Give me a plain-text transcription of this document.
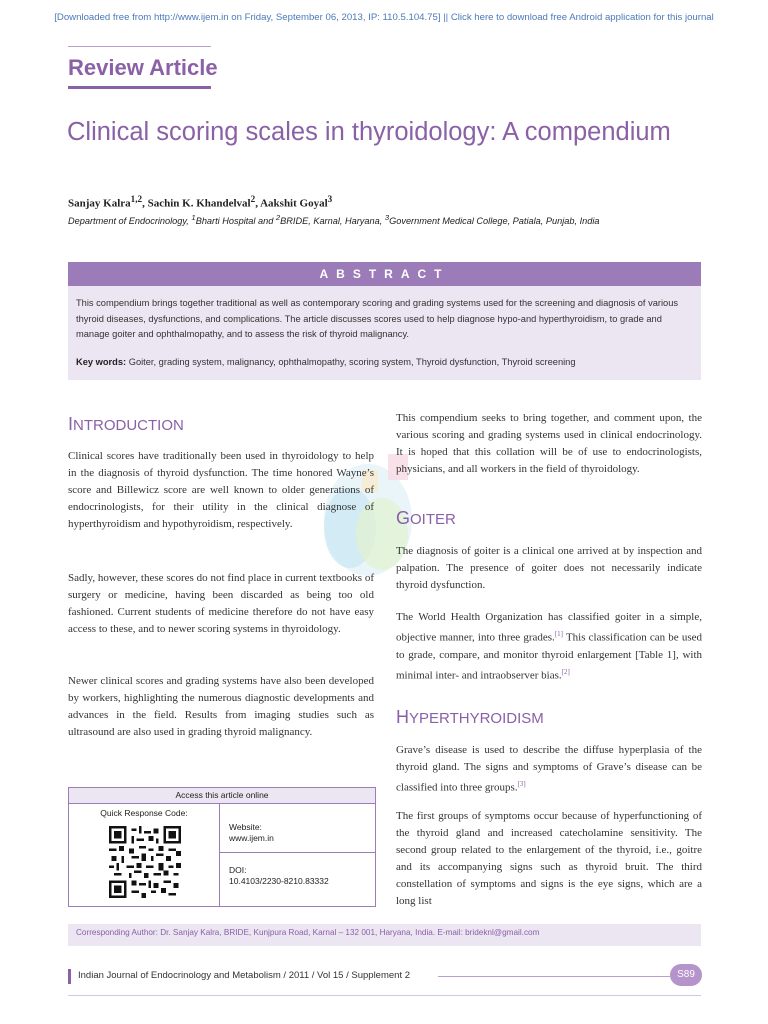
[Downloaded free from http://www.ijem.in on Friday, September 06, 2013, IP: 110.5.104.75] || Click here to download free Android application for this journal
Review Article
Clinical scoring scales in thyroidology: A compendium
Sanjay Kalra$^{1,2}$, Sachin K. Khandelval$^2$, Aakshit Goyal$^3$
Department of Endocrinology, $^1$Bharti Hospital and $^2$BRIDE, Karnal, Haryana, $^3$Government Medical College, Patiala, Punjab, India
ABSTRACT
This compendium brings together traditional as well as contemporary scoring and grading systems used for the screening and diagnosis of various thyroid diseases, dysfunctions, and complications. The article discusses scores used to help diagnose hypo-and hyperthyroidism, to grade and manage goiter and ophthalmopathy, and to assess the risk of thyroid malignancy.
Key words: Goiter, grading system, malignancy, ophthalmopathy, scoring system, Thyroid dysfunction, Thyroid screening
INTRODUCTION
Clinical scores have traditionally been used in thyroidology to help in the diagnosis of thyroid dysfunction. The time honored Wayne’s score and Billewicz score are well known to older generations of endocrinologists, for their utility in the clinical diagnose of hyperthyroidism and hypothyroidism, respectively.
Sadly, however, these scores do not find place in current textbooks of surgery or medicine, having been discarded as being too old fashioned. Current students of medicine therefore do not have easy access to these, and to newer scoring systems in thyroidology.
Newer clinical scores and grading systems have also been developed by workers, highlighting the numerous diagnostic developments and advances in the field. Results from imaging studies such as ultrasound are also used in grading thyroid malignancy.
Access this article online
Quick Response Code:
Website:
www.ijem.in
DOI:
10.4103/2230-8210.83332
This compendium seeks to bring together, and comment upon, the various scoring and grading systems used in clinical endocrinology. It is hoped that this collation will be of use to endocrinologists, physicians, and all workers in the field of thyroidology.
GOITER
The diagnosis of goiter is a clinical one arrived at by inspection and palpation. The presence of goiter does not necessarily indicate thyroid dysfunction.
The World Health Organization has classified goiter in a simple, objective manner, into three grades.[1] This classification can be used to grade, compare, and monitor thyroid enlargement [Table 1], with minimal inter- and intraobserver bias.[2]
HYPERTHYROIDISM
Grave’s disease is used to describe the diffuse hyperplasia of the thyroid gland. The signs and symptoms of Grave’s disease can be classified into three groups.[3]
The first groups of symptoms occur because of hyperfunctioning of the thyroid gland and increased catecholamine sensitivity. The second group related to the enlargement of the thyroid, i.e., goitre and its accompanying signs such as thyroid bruit. The third constellation of symptoms and signs is the eye signs, which are a long list
Corresponding Author: Dr. Sanjay Kalra, BRIDE, Kunjpura Road, Karnal – 132 001, Haryana, India. E-mail: brideknl@gmail.com
Indian Journal of Endocrinology and Metabolism / 2011 / Vol 15 / Supplement 2	S89
